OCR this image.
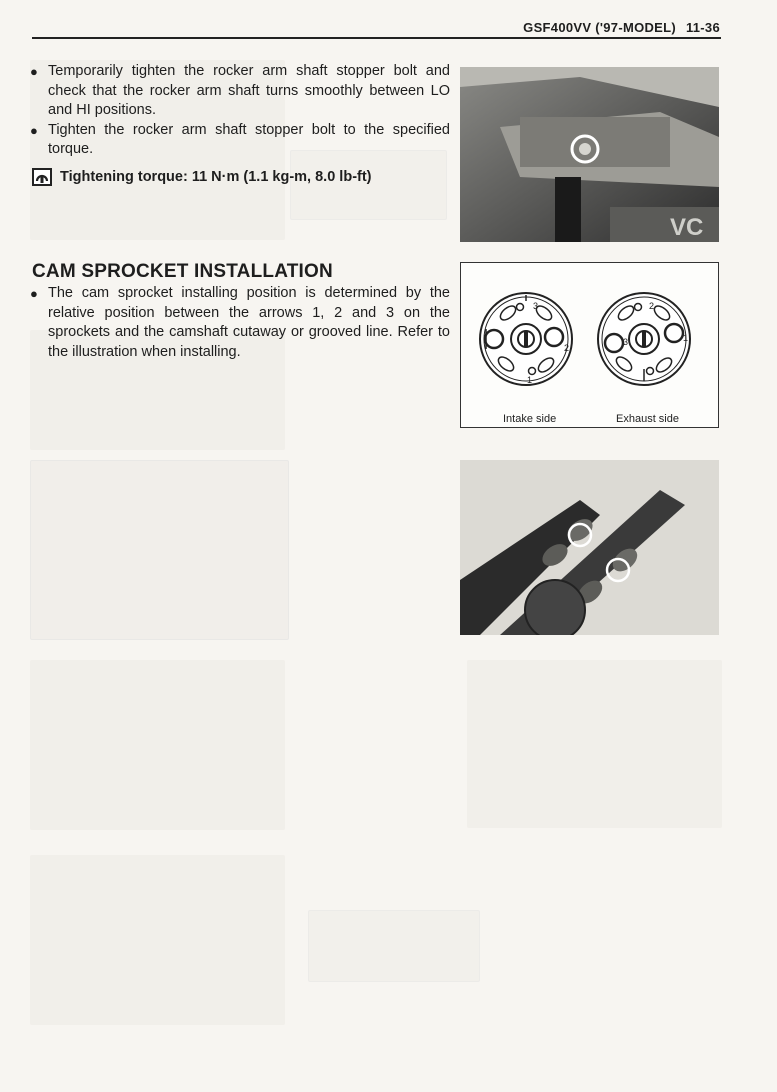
GSF400VV ('97-MODEL) 11-36
● Temporarily tighten the rocker arm shaft stopper bolt and check that the rocker arm shaft turns smoothly between LO and HI positions.
● Tighten the rocker arm shaft stopper bolt to the specified torque.
Tightening torque: 11 N·m (1.1 kg-m, 8.0 lb-ft)
VC
CAM SPROCKET INSTALLATION
● The cam sprocket installing position is determined by the relative position between the arrows 1, 2 and 3 on the sprockets and the camshaft cutaway or grooved line. Refer to the illustration when installing.
3
2
1
2
3	1
Intake side	Exhaust side
